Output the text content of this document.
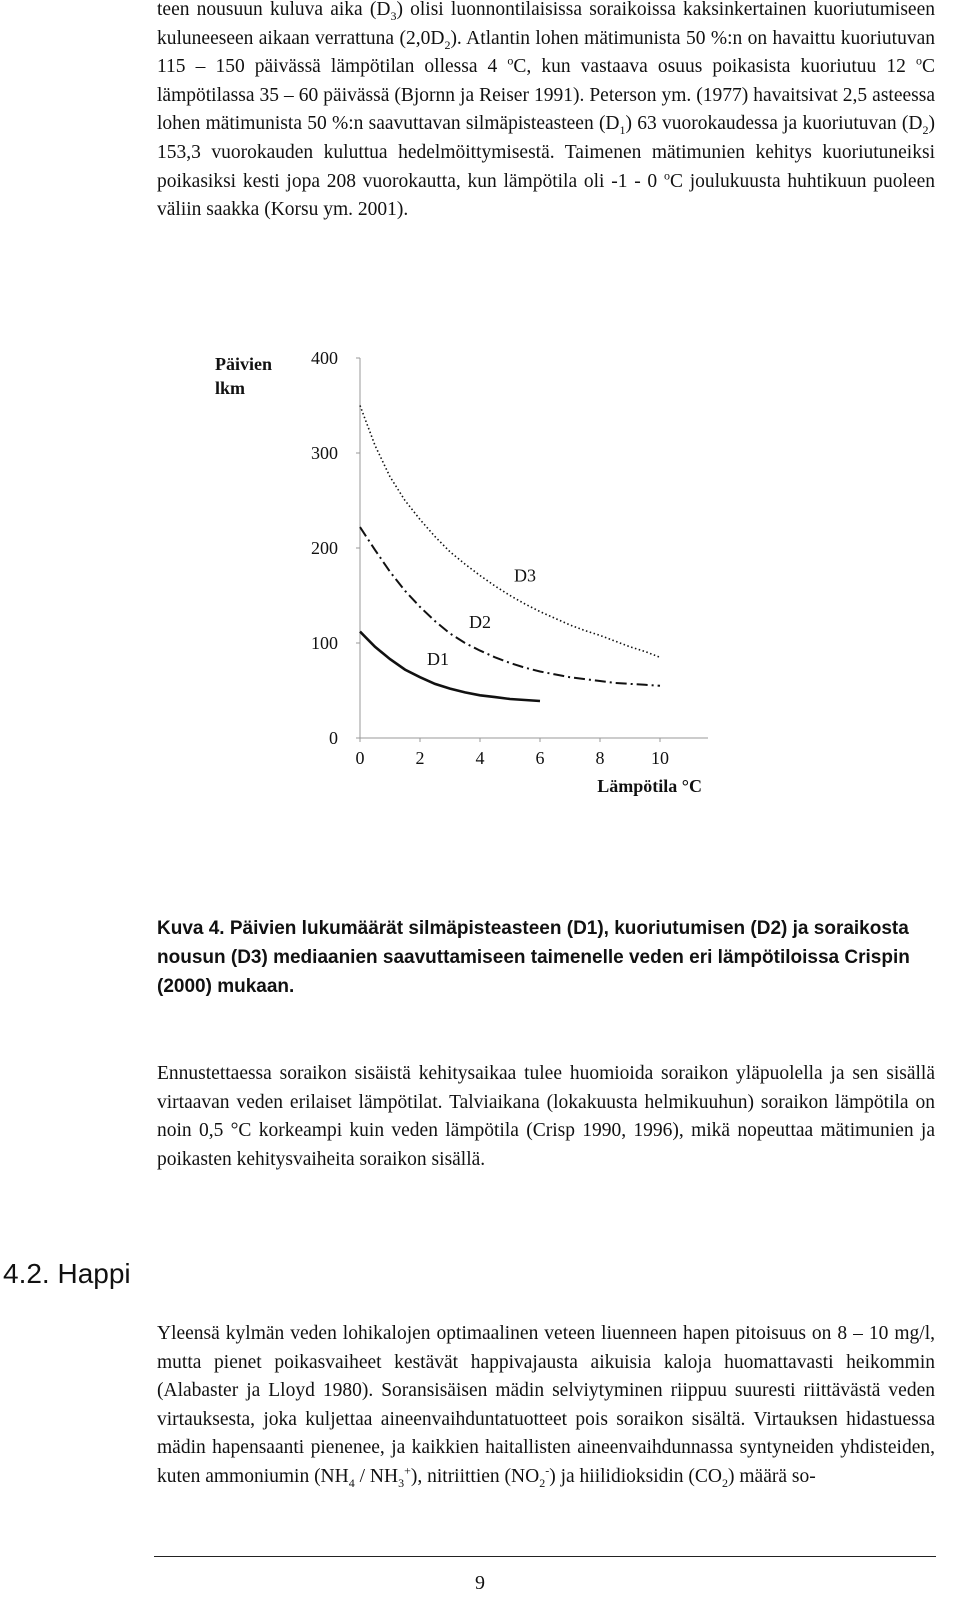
teen nousuun kuluva aika $(D_3)$ olisi luonnontilaisissa soraikoissa kaksinkertainen kuoriutumiseen kuluneeseen aikaan verrattuna $(2,0D_2)$. Atlantin lohen mätimunista 50 %:n on havaittu kuoriutuvan 115 – 150 päivässä lämpötilan ollessa 4 $^o$C, kun vastaava osuus poikasista kuoriutuu 12 $^o$C lämpötilassa 35 – 60 päivässä (Bjornn ja Reiser 1991). Peterson ym. (1977) havaitsivat 2,5 asteessa lohen mätimunista 50 %:n saavuttavan silmäpisteasteen $(D_1)$ 63 vuorokaudessa ja kuoriutuvan $(D_2)$ 153,3 vuorokauden kuluttua hedelmöittymisestä. Taimenen mätimunien kehitys kuoriutuneiksi poikasiksi kesti jopa 208 vuorokautta, kun lämpötila oli -1 - 0 $^o$C joulukuusta huhtikuun puoleen väliin saakka (Korsu ym. 2001).

0
100
200
300
400
0	2	4	6	8	10
Päivien lkm
Lämpötila °C
D1
D2
D3

Kuva 4. Päivien lukumäärät silmäpisteasteen (D1), kuoriutumisen (D2) ja soraikosta nousun (D3) mediaanien saavuttamiseen taimenelle veden eri lämpötiloissa Crispin (2000) mukaan.

Ennustettaessa soraikon sisäistä kehitysaikaa tulee huomioida soraikon yläpuolella ja sen sisällä virtaavan veden erilaiset lämpötilat. Talviaikana (lokakuusta helmikuuhun) soraikon lämpötila on noin 0,5 °C korkeampi kuin veden lämpötila (Crisp 1990, 1996), mikä nopeuttaa mätimunien ja poikasten kehitysvaiheita soraikon sisällä.

4.2. Happi

Yleensä kylmän veden lohikalojen optimaalinen veteen liuenneen hapen pitoisuus on 8 – 10 mg/l, mutta pienet poikasvaiheet kestävät happivajausta aikuisia kaloja huomattavasti heikommin (Alabaster ja Lloyd 1980). Soransisäisen mädin selviytyminen riippuu suuresti riittävästä veden virtauksesta, joka kuljettaa aineenvaihduntatuotteet pois soraikon sisältä. Virtauksen hidastuessa mädin hapensaanti pienenee, ja kaikkien haitallisten aineenvaihdunnassa syntyneiden yhdisteiden, kuten ammoniumin $(NH_4 / NH_3^+)$, nitriittien $(NO_2^-)$ ja hiilidioksidin $(CO_2)$ määrä so-

9
